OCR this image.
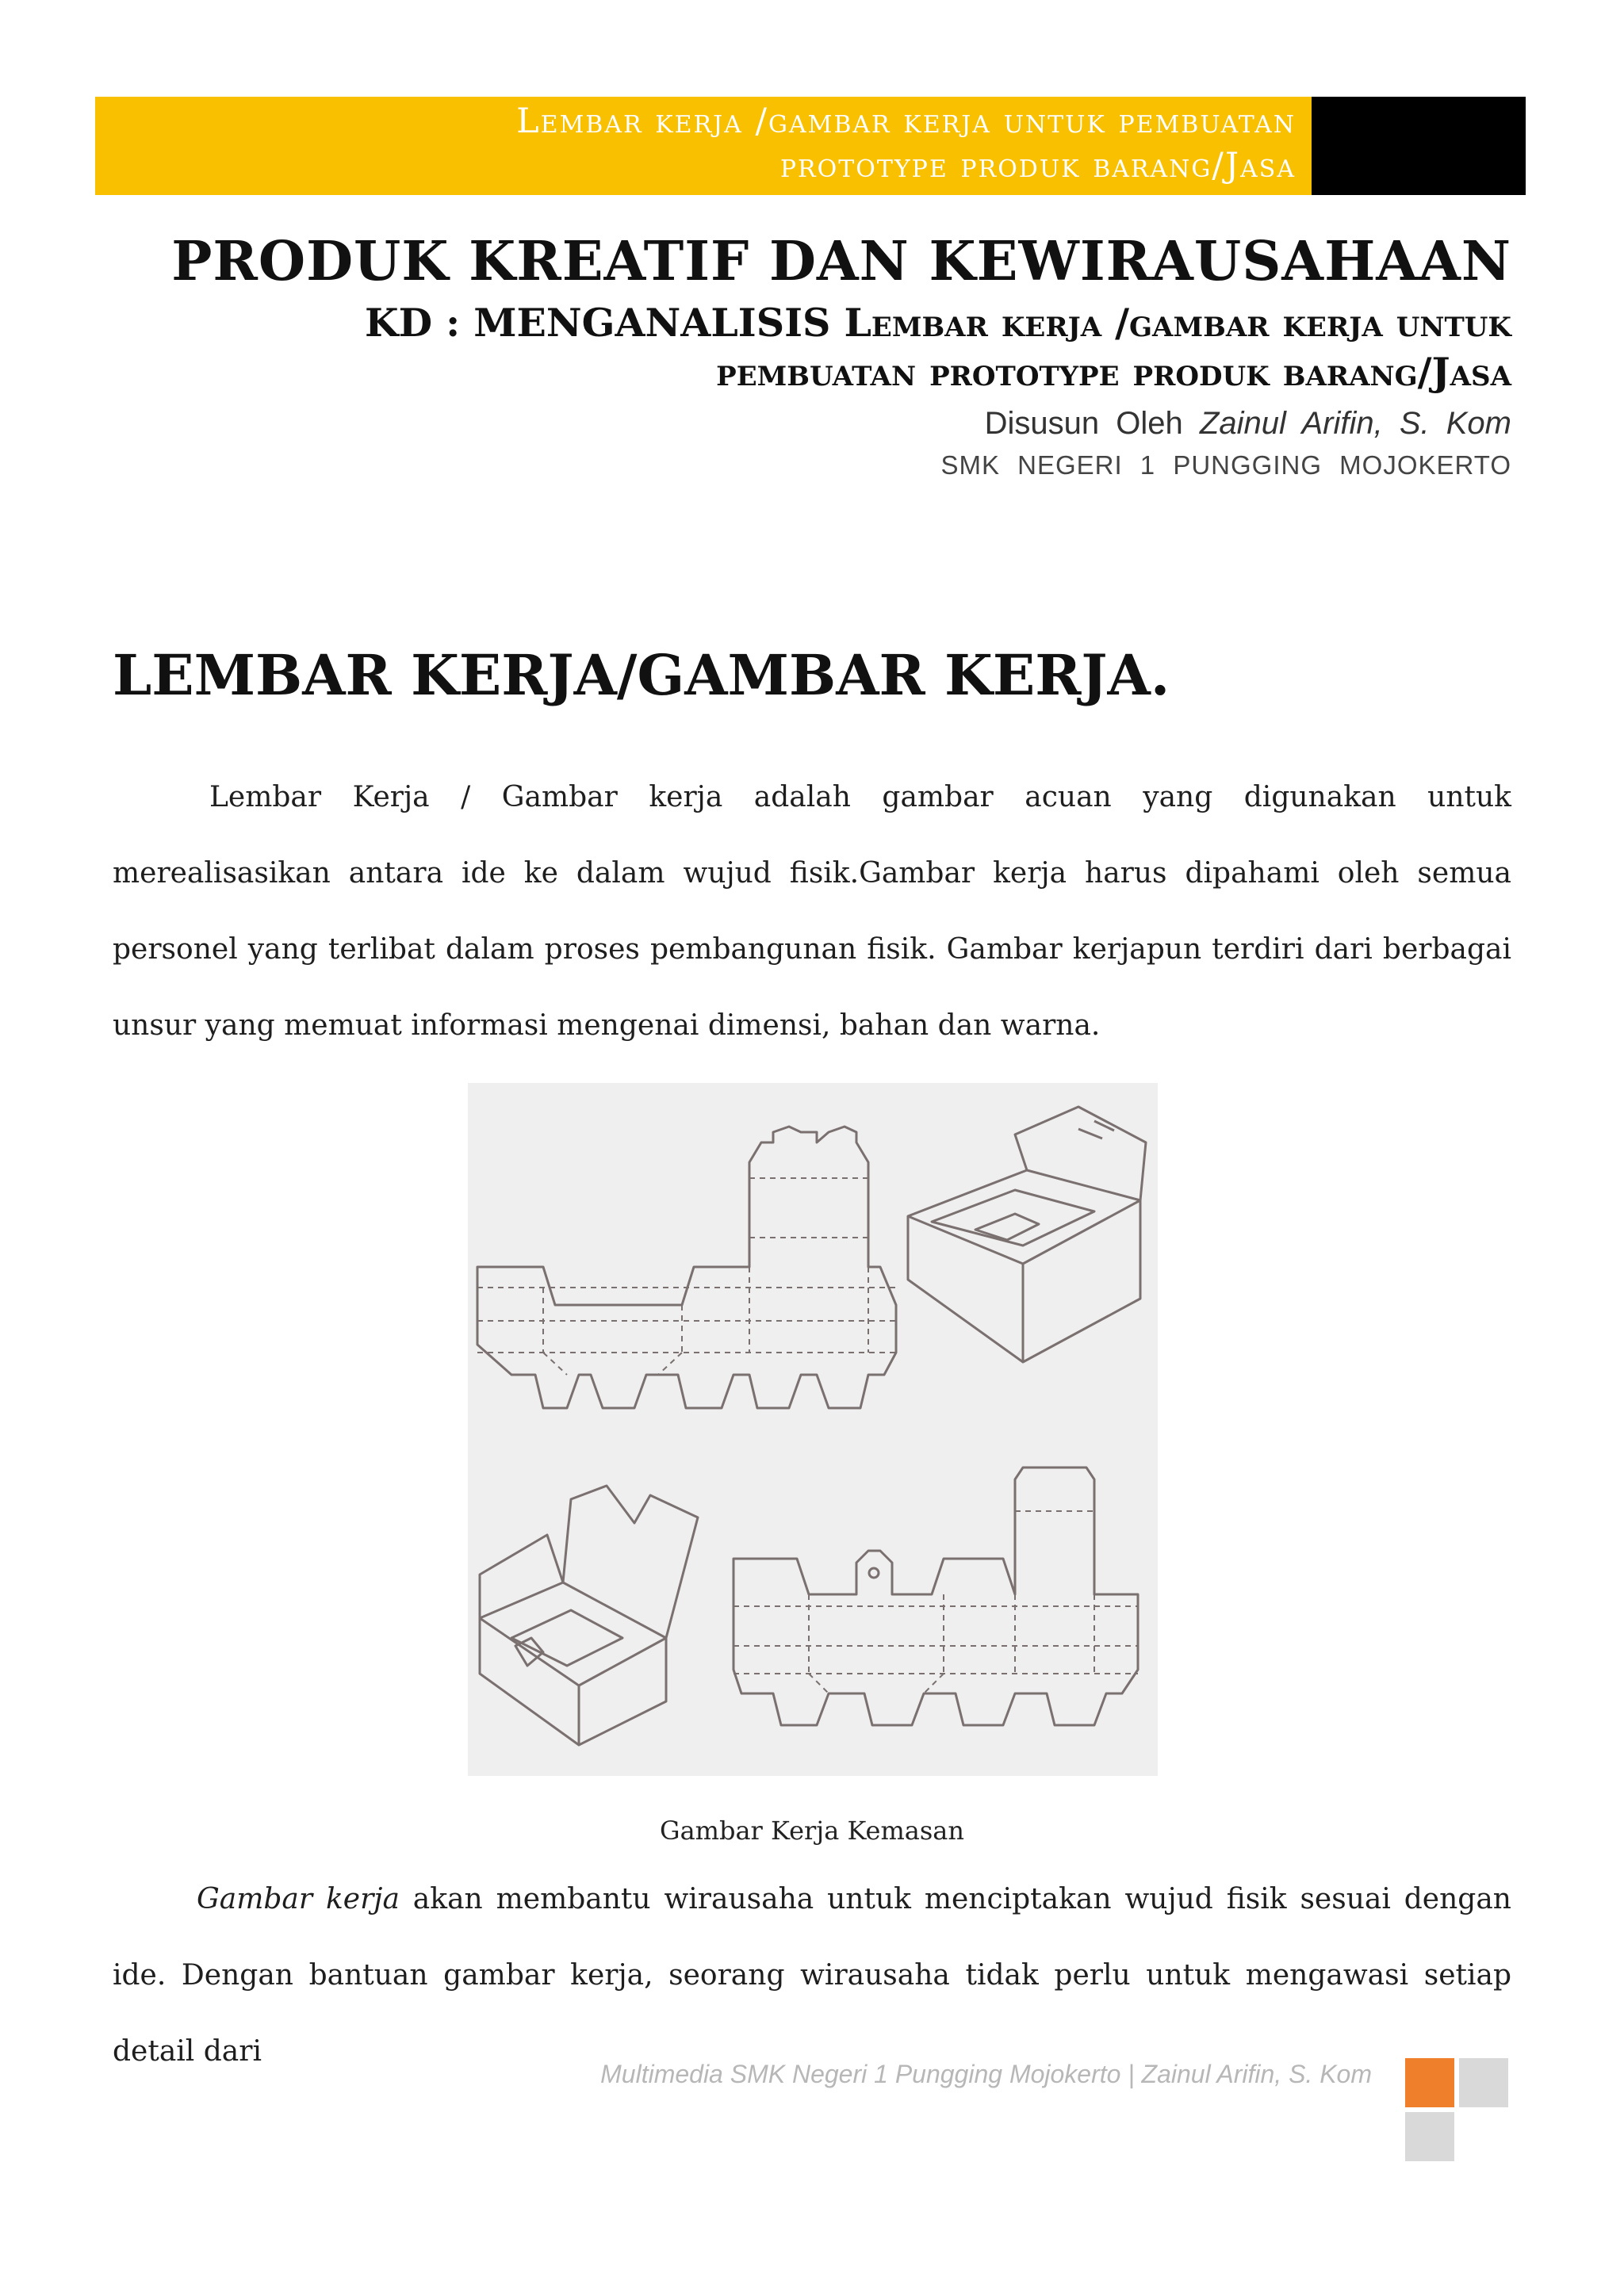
Lembar kerja /gambar kerja untuk pembuatan
prototype produk barang/Jasa
PRODUK KREATIF DAN KEWIRAUSAHAAN
KD : MENGANALISIS Lembar kerja /gambar kerja untuk
pembuatan prototype produk barang/Jasa
Disusun Oleh Zainul Arifin, S. Kom
SMK NEGERI 1 PUNGGING MOJOKERTO
LEMBAR KERJA/GAMBAR KERJA.
Lembar Kerja / Gambar kerja adalah gambar acuan yang digunakan untuk merealisasikan antara ide ke dalam wujud fisik.Gambar kerja harus dipahami oleh semua personel yang terlibat dalam proses pembangunan fisik. Gambar kerjapun terdiri dari berbagai unsur yang memuat informasi mengenai dimensi, bahan dan warna.
Gambar Kerja Kemasan
Gambar kerja akan membantu wirausaha untuk menciptakan wujud fisik sesuai dengan ide. Dengan bantuan gambar kerja, seorang wirausaha tidak perlu untuk mengawasi setiap detail dari
Multimedia SMK Negeri 1 Pungging Mojokerto | Zainul Arifin, S. Kom
